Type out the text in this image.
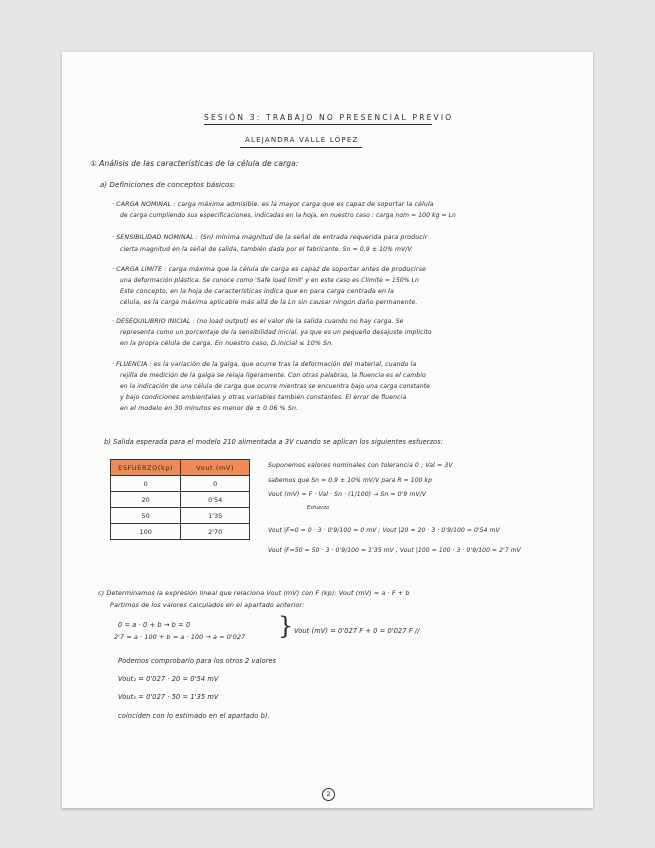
SESIÓN 3: TRABAJO NO PRESENCIAL PREVIO
ALEJANDRA VALLE LÓPEZ
① Análisis de las características de la célula de carga:
a) Definiciones de conceptos básicos:
· CARGA NOMINAL : carga máxima admisible. es la mayor carga que es capaz de soportar la célula
de carga cumpliendo sus especificaciones, indicadas en la hoja, en nuestro caso : carga nom = 100 kg = Ln
· SENSIBILIDAD NOMINAL : (Sn) mínima magnitud de la señal de entrada requerida para producir
cierta magnitud en la señal de salida, también dada por el fabricante. Sn = 0.9 ± 10% mV/V
· CARGA LÍMITE : carga máxima que la célula de carga es capaz de soportar antes de producirse
una deformación plástica. Se conoce como 'Safe load limit' y en este caso es Climite = 150% Ln
Este concepto, en la hoja de características indica que en para carga centrada en la
célula, es la carga máxima aplicable más allá de la Ln sin causar ningún daño permanente.
· DESEQUILIBRIO INICIAL : (no load output) es el valor de la salida cuando no hay carga. Se
representa como un porcentaje de la sensibilidad inicial. ya que es un pequeño desajuste implícito
en la propia célula de carga. En nuestro caso, D.inicial ≤ 10% Sn.
· FLUENCIA : es la variación de la galga, que ocurre tras la deformación del material, cuando la
rejilla de medición de la galga se relaja ligeramente. Con otras palabras, la fluencia es el cambio
en la indicación de una célula de carga que ocurre mientras se encuentra bajo una carga constante
y bajo condiciones ambientales y otras variables también constantes. El error de fluencia
en el modelo en 30 minutos es menor de ± 0.06 % Sn.
b) Salida esperada para el modelo 210 alimentada a 3V cuando se aplican los siguientes esfuerzos:
ESFUERZO(kp)	Vout (mV)
0	0
20	0'54
50	1'35
100	2'70
Suponemos valores nominales con tolerancia 0 ; Val = 3V
sabemos que Sn = 0.9 ± 10% mV/V para R = 100 kp
Vout (mV) = F · Val · Sn · (1/100) → Sn = 0'9 mV/V
Esfuerzo
Vout |F=0 = 0 · 3 · 0'9/100 = 0 mV ; Vout |20 = 20 · 3 · 0'9/100 = 0'54 mV
Vout |F=50 = 50 · 3 · 0'9/100 = 1'35 mV , Vout |100 = 100 · 3 · 0'9/100 = 2'7 mV
c) Determinamos la expresión lineal que relaciona Vout (mV) con F (kp): Vout (mV) = a · F + b
Partimos de los valores calculados en el apartado anterior:
0 = a · 0 + b → b = 0
2'7 = a · 100 + b = a · 100 → a = 0'027 } Vout (mV) = 0'027 F + 0 = 0'027 F //
Podemos comprobarlo para los otros 2 valores
Vout₂ = 0'027 · 20 = 0'54 mV
Vout₅ = 0'027 · 50 = 1'35 mV
coinciden con lo estimado en el apartado b).
2
